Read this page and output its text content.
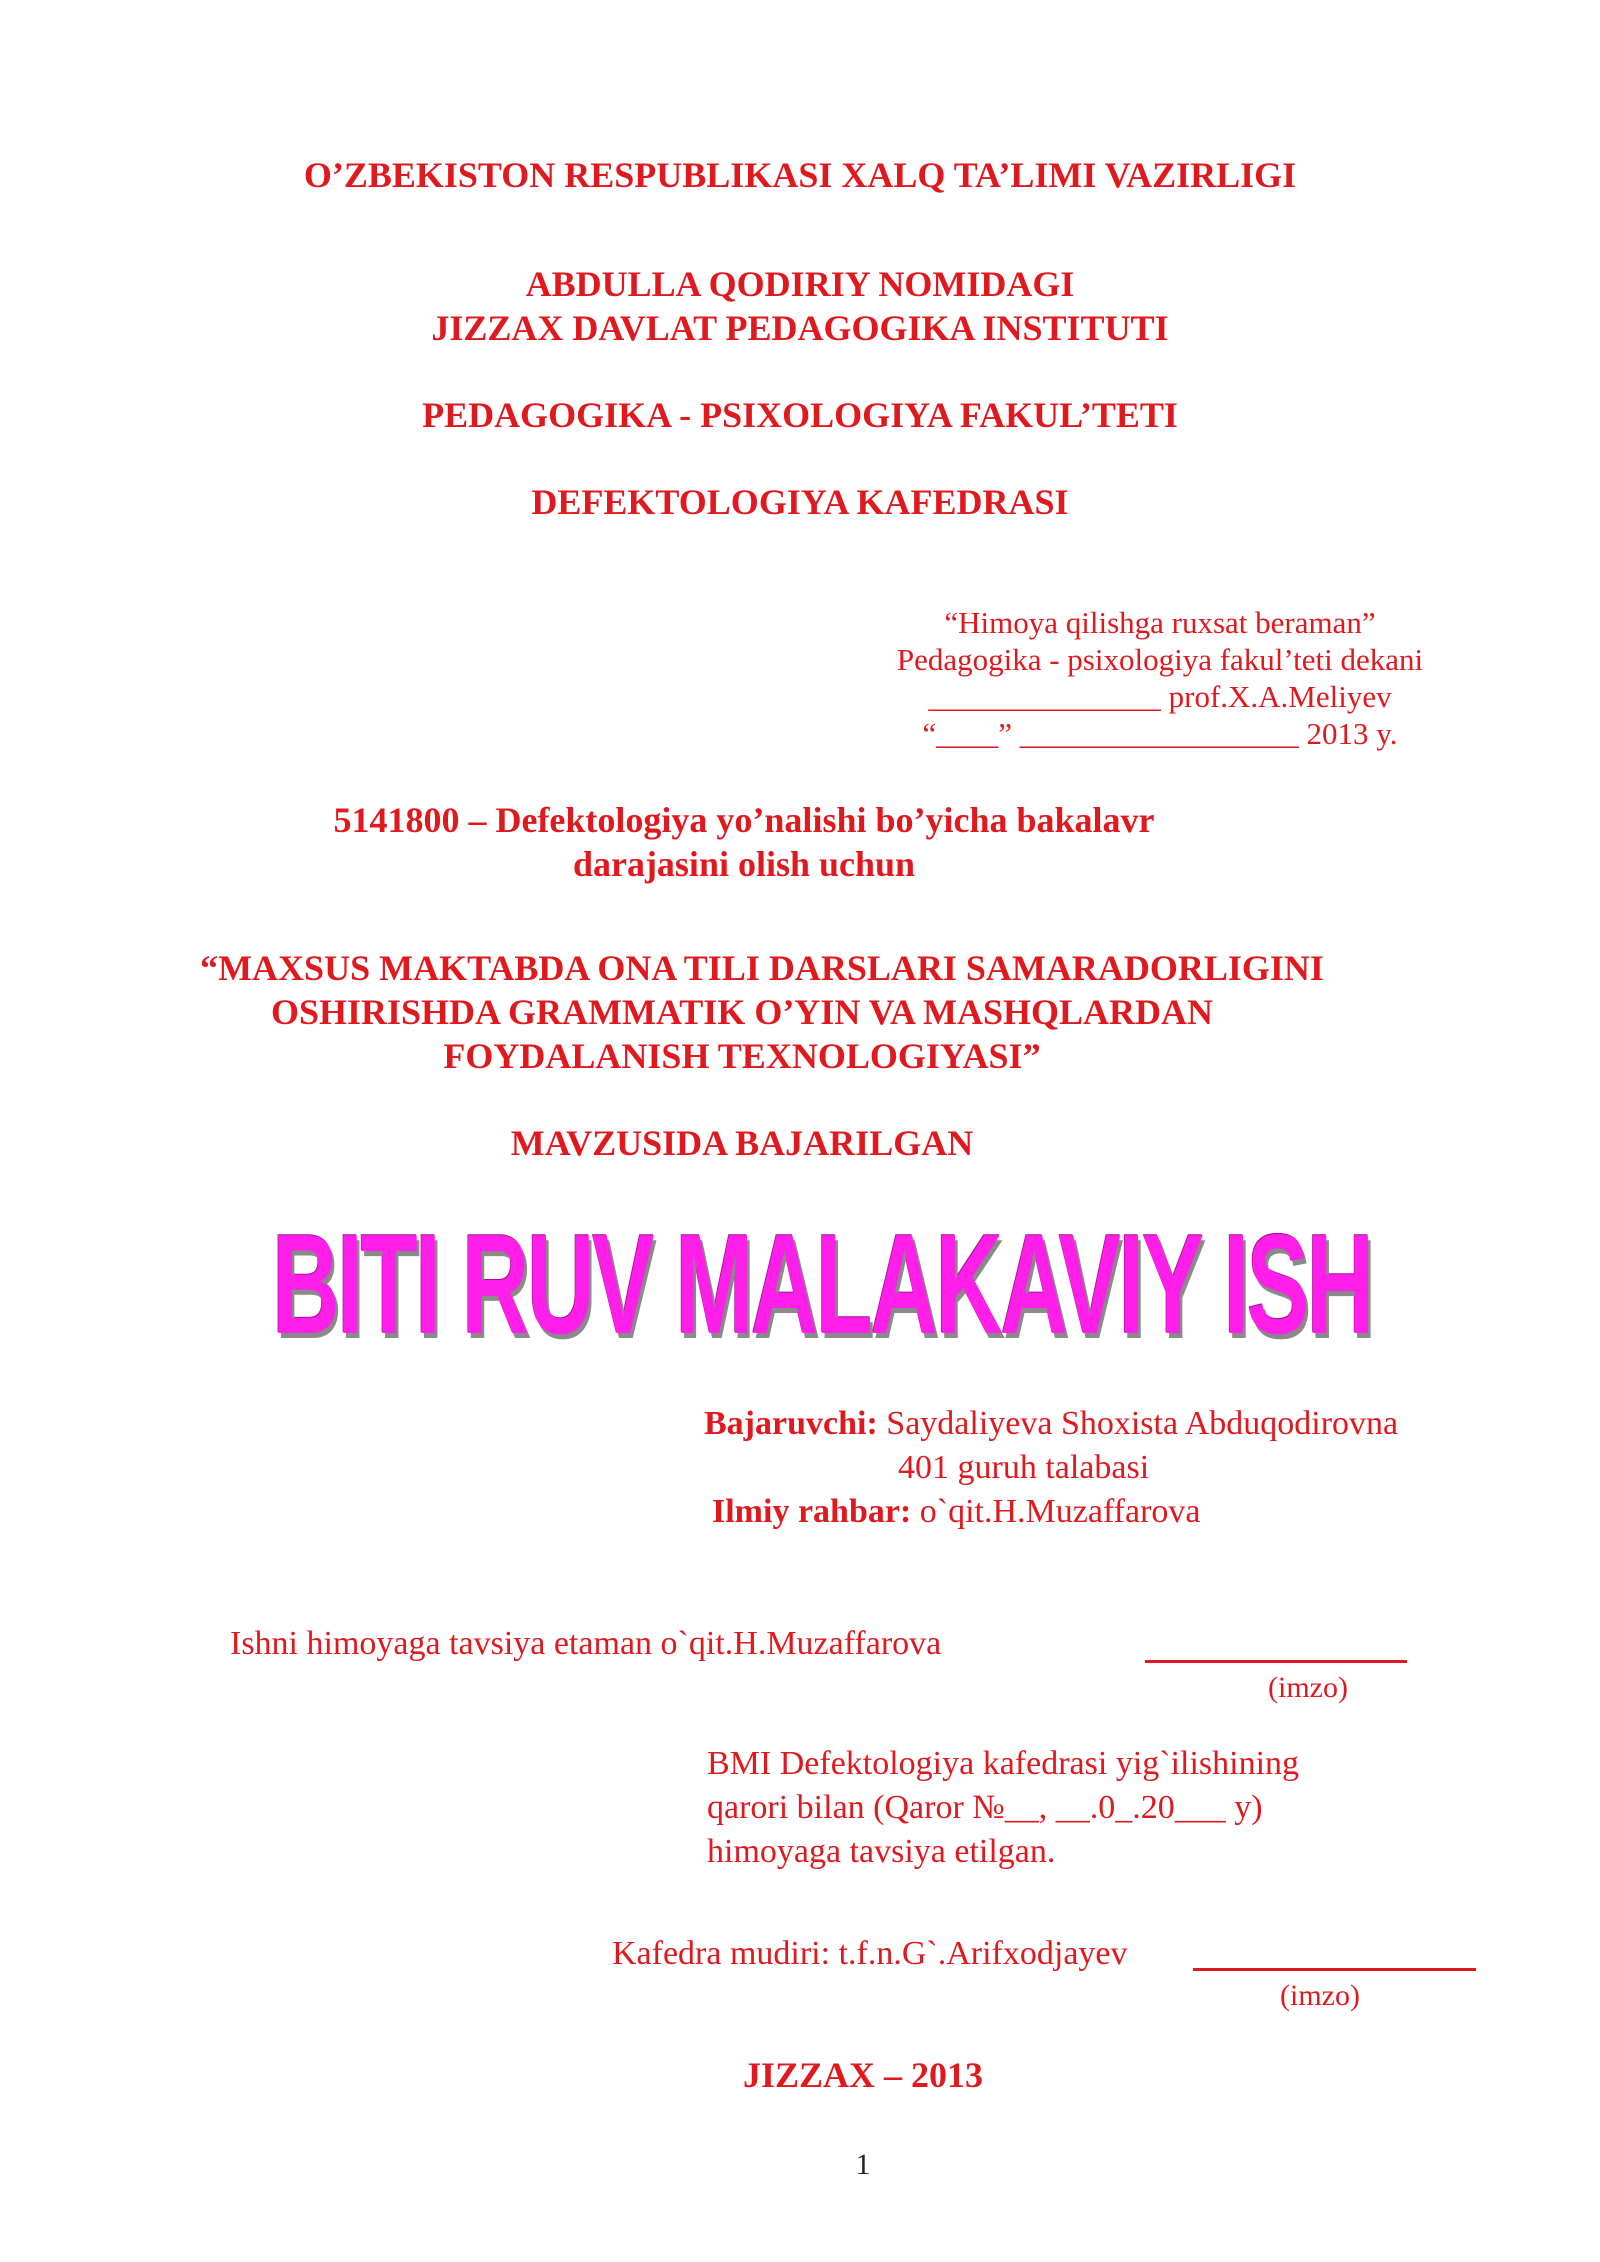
O’ZBEKISTON RESPUBLIKASI XALQ TA’LIMI VAZIRLIGI
ABDULLA QODIRIY NOMIDAGI
JIZZAX DAVLAT PEDAGOGIKA INSTITUTI
PEDAGOGIKA - PSIXOLOGIYA FAKUL’TETI
DEFEKTOLOGIYA KAFEDRASI
“Himoya qilishga ruxsat beraman”
Pedagogika - psixologiya fakul’teti dekani
_______________ prof.X.A.Meliyev
“____” __________________ 2013 y.
5141800 – Defektologiya yo’nalishi bo’yicha bakalavr
darajasini olish uchun
“MAXSUS MAKTABDA ONA TILI DARSLARI SAMARADORLIGINI
OSHIRISHDA GRAMMATIK O’YIN VA MASHQLARDAN
FOYDALANISH TEXNOLOGIYASI”
MAVZUSIDA BAJARILGAN
BITI RUV MALAKAVIY ISH
Bajaruvchi: Saydaliyeva Shoxista Abduqodirovna
401 guruh talabasi
Ilmiy rahbar: o`qit.H.Muzaffarova
Ishni himoyaga tavsiya etaman o`qit.H.Muzaffarova
(imzo)
BMI Defektologiya kafedrasi yig`ilishining
qarori bilan (Qaror №__, __.0_.20___ y)
himoyaga tavsiya etilgan.
Kafedra mudiri: t.f.n.G`.Arifxodjayev
(imzo)
JIZZAX – 2013
1
